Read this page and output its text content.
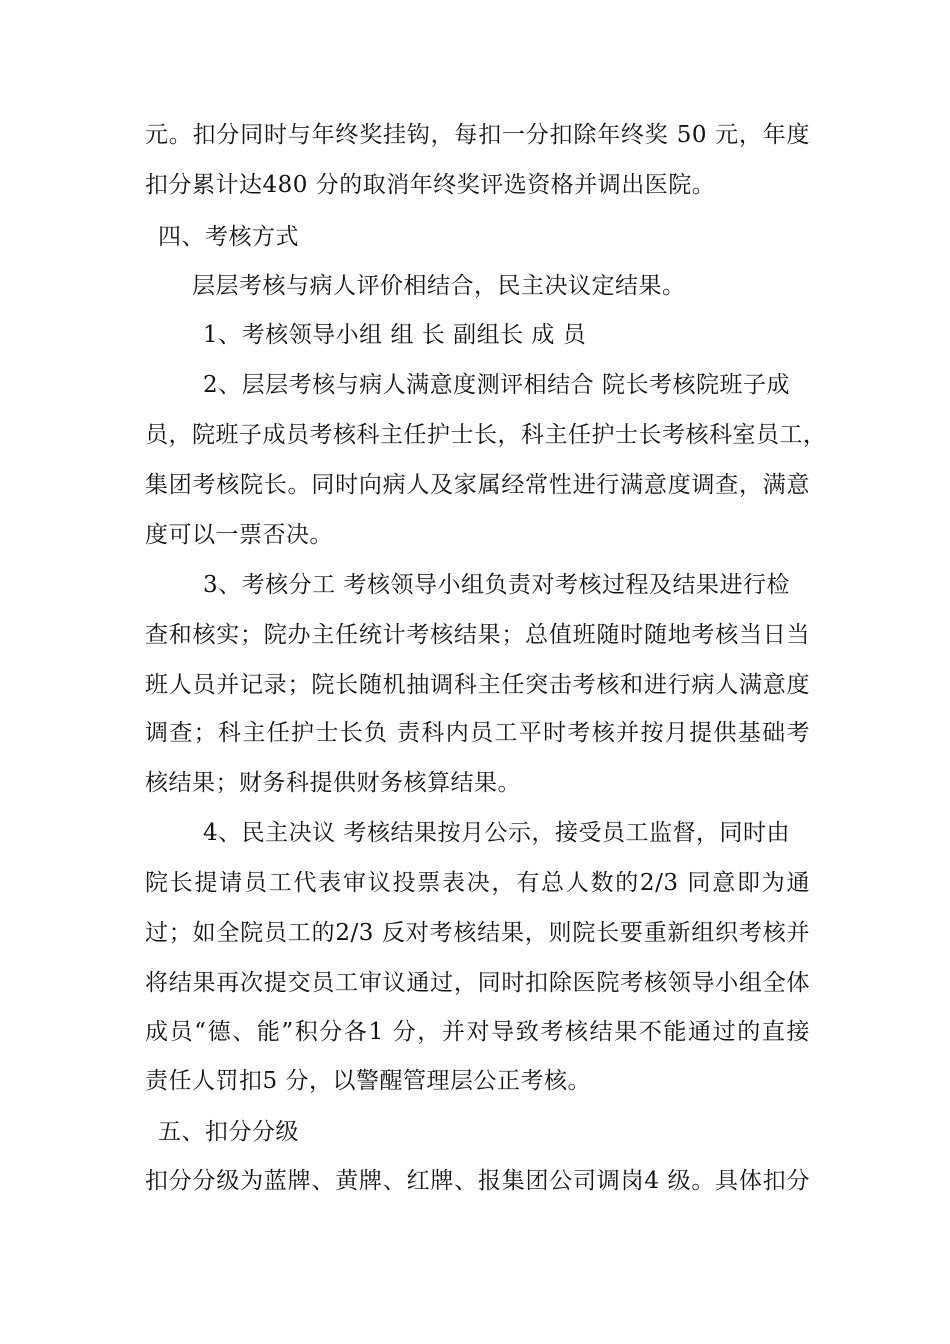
元。扣分同时与年终奖挂钩，每扣一分扣除年终奖 50 元，年度
扣分累计达480 分的取消年终奖评选资格并调出医院。
四、考核方式
层层考核与病人评价相结合，民主决议定结果。
1、考核领导小组 组 长 副组长 成 员
2、层层考核与病人满意度测评相结合 院长考核院班子成
员，院班子成员考核科主任护士长，科主任护士长考核科室员工，
集团考核院长。同时向病人及家属经常性进行满意度调查，满意
度可以一票否决。
3、考核分工 考核领导小组负责对考核过程及结果进行检
查和核实；院办主任统计考核结果；总值班随时随地考核当日当
班人员并记录；院长随机抽调科主任突击考核和进行病人满意度
调查；科主任护士长负 责科内员工平时考核并按月提供基础考
核结果；财务科提供财务核算结果。
4、民主决议 考核结果按月公示，接受员工监督，同时由
院长提请员工代表审议投票表决，有总人数的2/3 同意即为通
过；如全院员工的2/3 反对考核结果，则院长要重新组织考核并
将结果再次提交员工审议通过，同时扣除医院考核领导小组全体
成员“德、能”积分各1 分，并对导致考核结果不能通过的直接
责任人罚扣5 分，以警醒管理层公正考核。
五、扣分分级
扣分分级为蓝牌、黄牌、红牌、报集团公司调岗4 级。具体扣分
